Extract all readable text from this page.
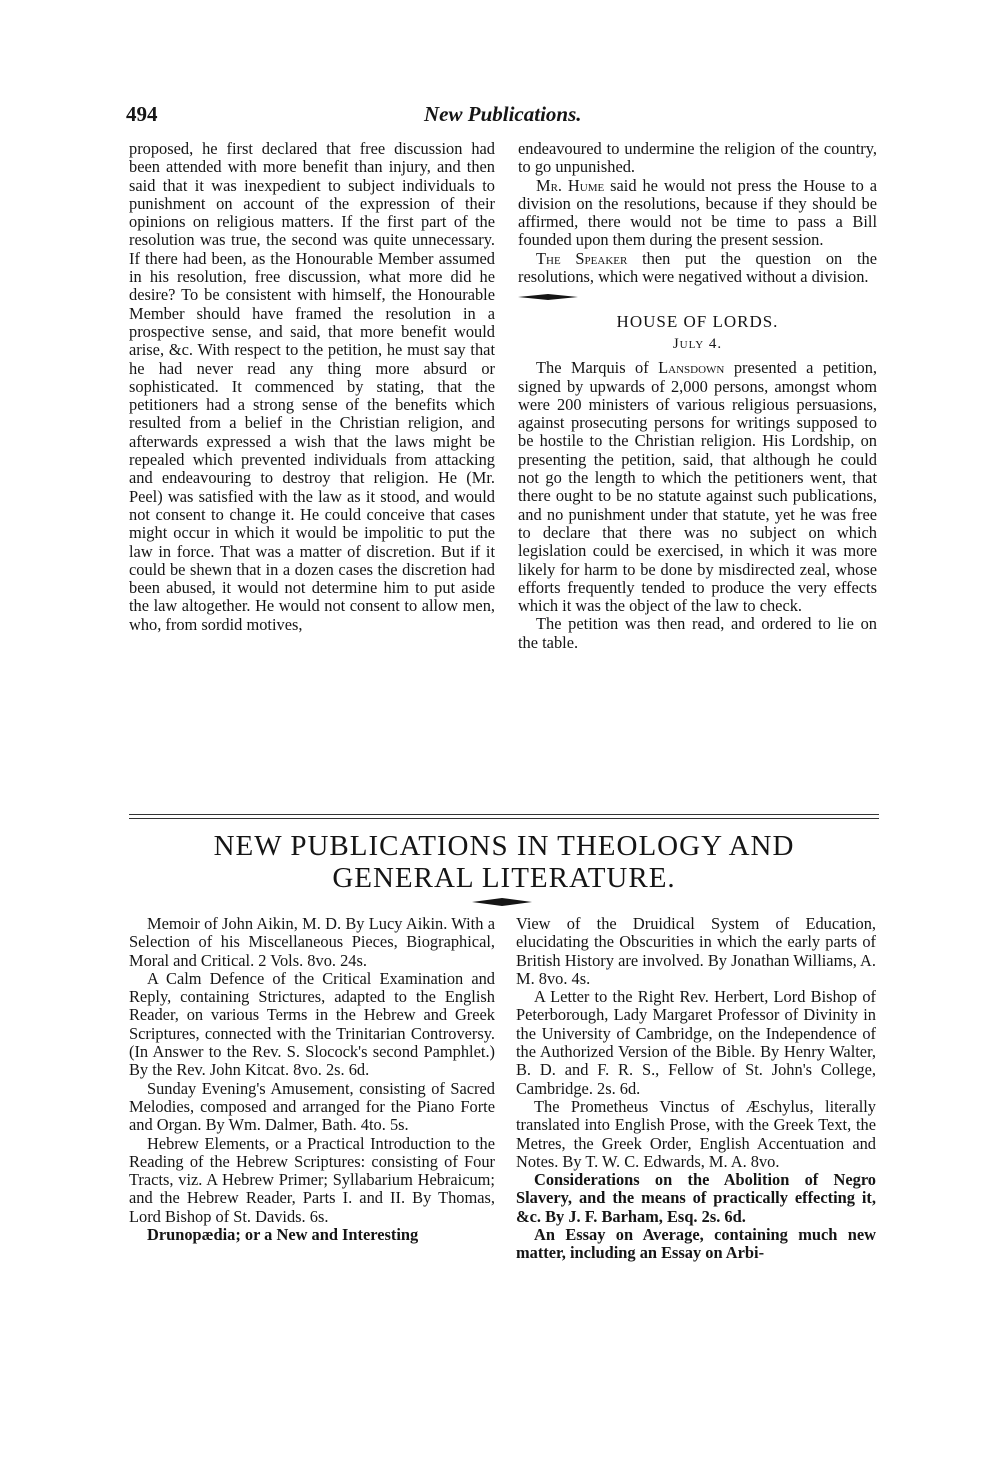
494	New Publications.

proposed, he first declared that free discussion had been attended with more benefit than injury, and then said that it was inexpedient to subject individuals to punishment on account of the expression of their opinions on religious matters. If the first part of the resolution was true, the second was quite unnecessary. If there had been, as the Honourable Member assumed in his resolution, free discussion, what more did he desire? To be consistent with himself, the Honourable Member should have framed the resolution in a prospective sense, and said, that more benefit would arise, &c. With respect to the petition, he must say that he had never read any thing more absurd or sophisticated. It commenced by stating, that the petitioners had a strong sense of the benefits which resulted from a belief in the Christian religion, and afterwards expressed a wish that the laws might be repealed which prevented individuals from attacking and endeavouring to destroy that religion. He (Mr. Peel) was satisfied with the law as it stood, and would not consent to change it. He could conceive that cases might occur in which it would be impolitic to put the law in force. That was a matter of discretion. But if it could be shewn that in a dozen cases the discretion had been abused, it would not determine him to put aside the law altogether. He would not consent to allow men, who, from sordid motives,

endeavoured to undermine the religion of the country, to go unpunished.

Mr. Hume said he would not press the House to a division on the resolutions, because if they should be affirmed, there would not be time to pass a Bill founded upon them during the present session.

The Speaker then put the question on the resolutions, which were negatived without a division.

HOUSE OF LORDS.

July 4.

The Marquis of Lansdown presented a petition, signed by upwards of 2,000 persons, amongst whom were 200 ministers of various religious persuasions, against prosecuting persons for writings supposed to be hostile to the Christian religion. His Lordship, on presenting the petition, said, that although he could not go the length to which the petitioners went, that there ought to be no statute against such publications, and no punishment under that statute, yet he was free to declare that there was no subject on which legislation could be exercised, in which it was more likely for harm to be done by misdirected zeal, whose efforts frequently tended to produce the very effects which it was the object of the law to check.

The petition was then read, and ordered to lie on the table.

NEW PUBLICATIONS IN THEOLOGY AND
GENERAL LITERATURE.

Memoir of John Aikin, M. D. By Lucy Aikin. With a Selection of his Miscellaneous Pieces, Biographical, Moral and Critical. 2 Vols. 8vo. 24s.

A Calm Defence of the Critical Examination and Reply, containing Strictures, adapted to the English Reader, on various Terms in the Hebrew and Greek Scriptures, connected with the Trinitarian Controversy. (In Answer to the Rev. S. Slocock's second Pamphlet.) By the Rev. John Kitcat. 8vo. 2s. 6d.

Sunday Evening's Amusement, consisting of Sacred Melodies, composed and arranged for the Piano Forte and Organ. By Wm. Dalmer, Bath. 4to. 5s.

Hebrew Elements, or a Practical Introduction to the Reading of the Hebrew Scriptures: consisting of Four Tracts, viz. A Hebrew Primer; Syllabarium Hebraicum; and the Hebrew Reader, Parts I. and II. By Thomas, Lord Bishop of St. Davids. 6s.

Drunopædia; or a New and Interesting

View of the Druidical System of Education, elucidating the Obscurities in which the early parts of British History are involved. By Jonathan Williams, A. M. 8vo. 4s.

A Letter to the Right Rev. Herbert, Lord Bishop of Peterborough, Lady Margaret Professor of Divinity in the University of Cambridge, on the Independence of the Authorized Version of the Bible. By Henry Walter, B. D. and F. R. S., Fellow of St. John's College, Cambridge. 2s. 6d.

The Prometheus Vinctus of Æschylus, literally translated into English Prose, with the Greek Text, the Metres, the Greek Order, English Accentuation and Notes. By T. W. C. Edwards, M. A. 8vo.

Considerations on the Abolition of Negro Slavery, and the means of practically effecting it, &c. By J. F. Barham, Esq. 2s. 6d.

An Essay on Average, containing much new matter, including an Essay on Arbi-
